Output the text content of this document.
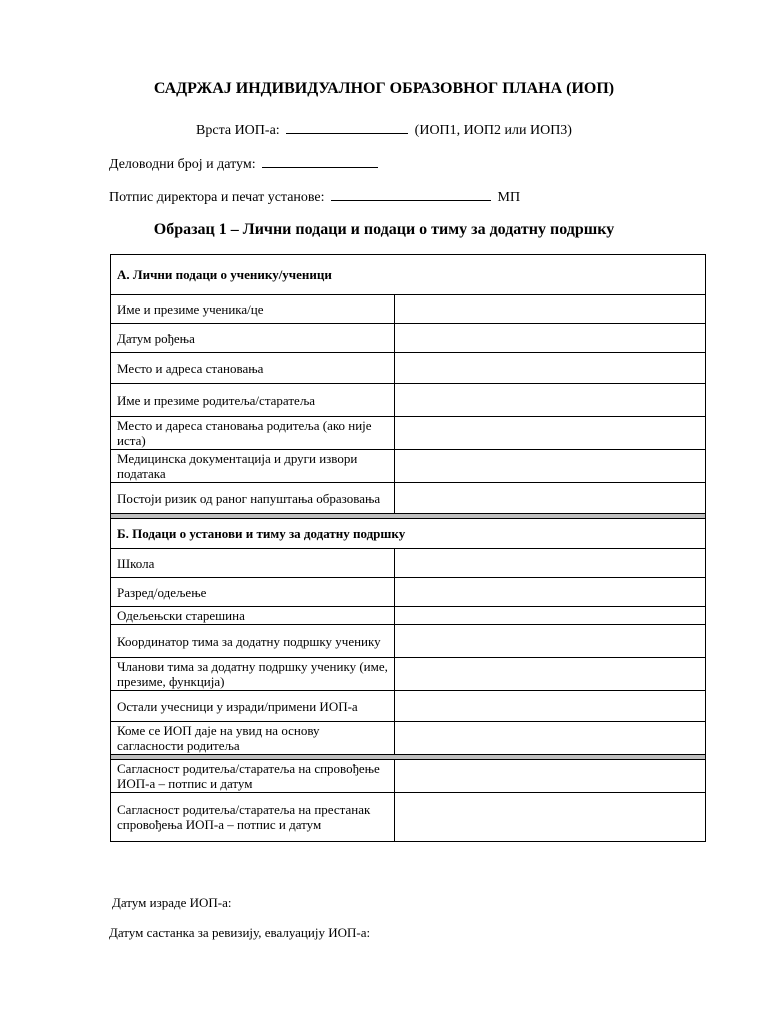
САДРЖАЈ ИНДИВИДУАЛНОГ ОБРАЗОВНОГ ПЛАНА (ИОП)
Врста ИОП-а:	(ИОП1, ИОП2 или ИОП3)
Деловодни број и датум:
Потпис директора и печат установе:	МП
Образац 1 – Лични подаци и подаци о тиму за додатну подршку
А. Лични подаци о ученику/ученици	
Име и презиме ученика/це	
Датум рођења	
Место и адреса становања	
Име и презиме родитеља/старатеља	
Место и дареса становања родитеља (ако није иста)	
Медицинска документација и други извори података	
Постоји ризик од раног напуштања образовања	

Б. Подаци о установи и тиму за додатну подршку	
Школа	
Разред/одељење	
Одељењски старешина	
Координатор тима за додатну подршку ученику	
Чланови тима за додатну подршку ученику (име, презиме, функција)	
Остали учесници у изради/примени ИОП-а	
Коме се ИОП даје на увид на основу сагласности родитеља	

Сагласност родитеља/старатеља на спровођење ИОП-а – потпис и датум	
Сагласност родитеља/старатеља на престанак спровођења ИОП-а – потпис и датум	
Датум израде ИОП-а:
Датум састанка за ревизију, евалуацију ИОП-а:
